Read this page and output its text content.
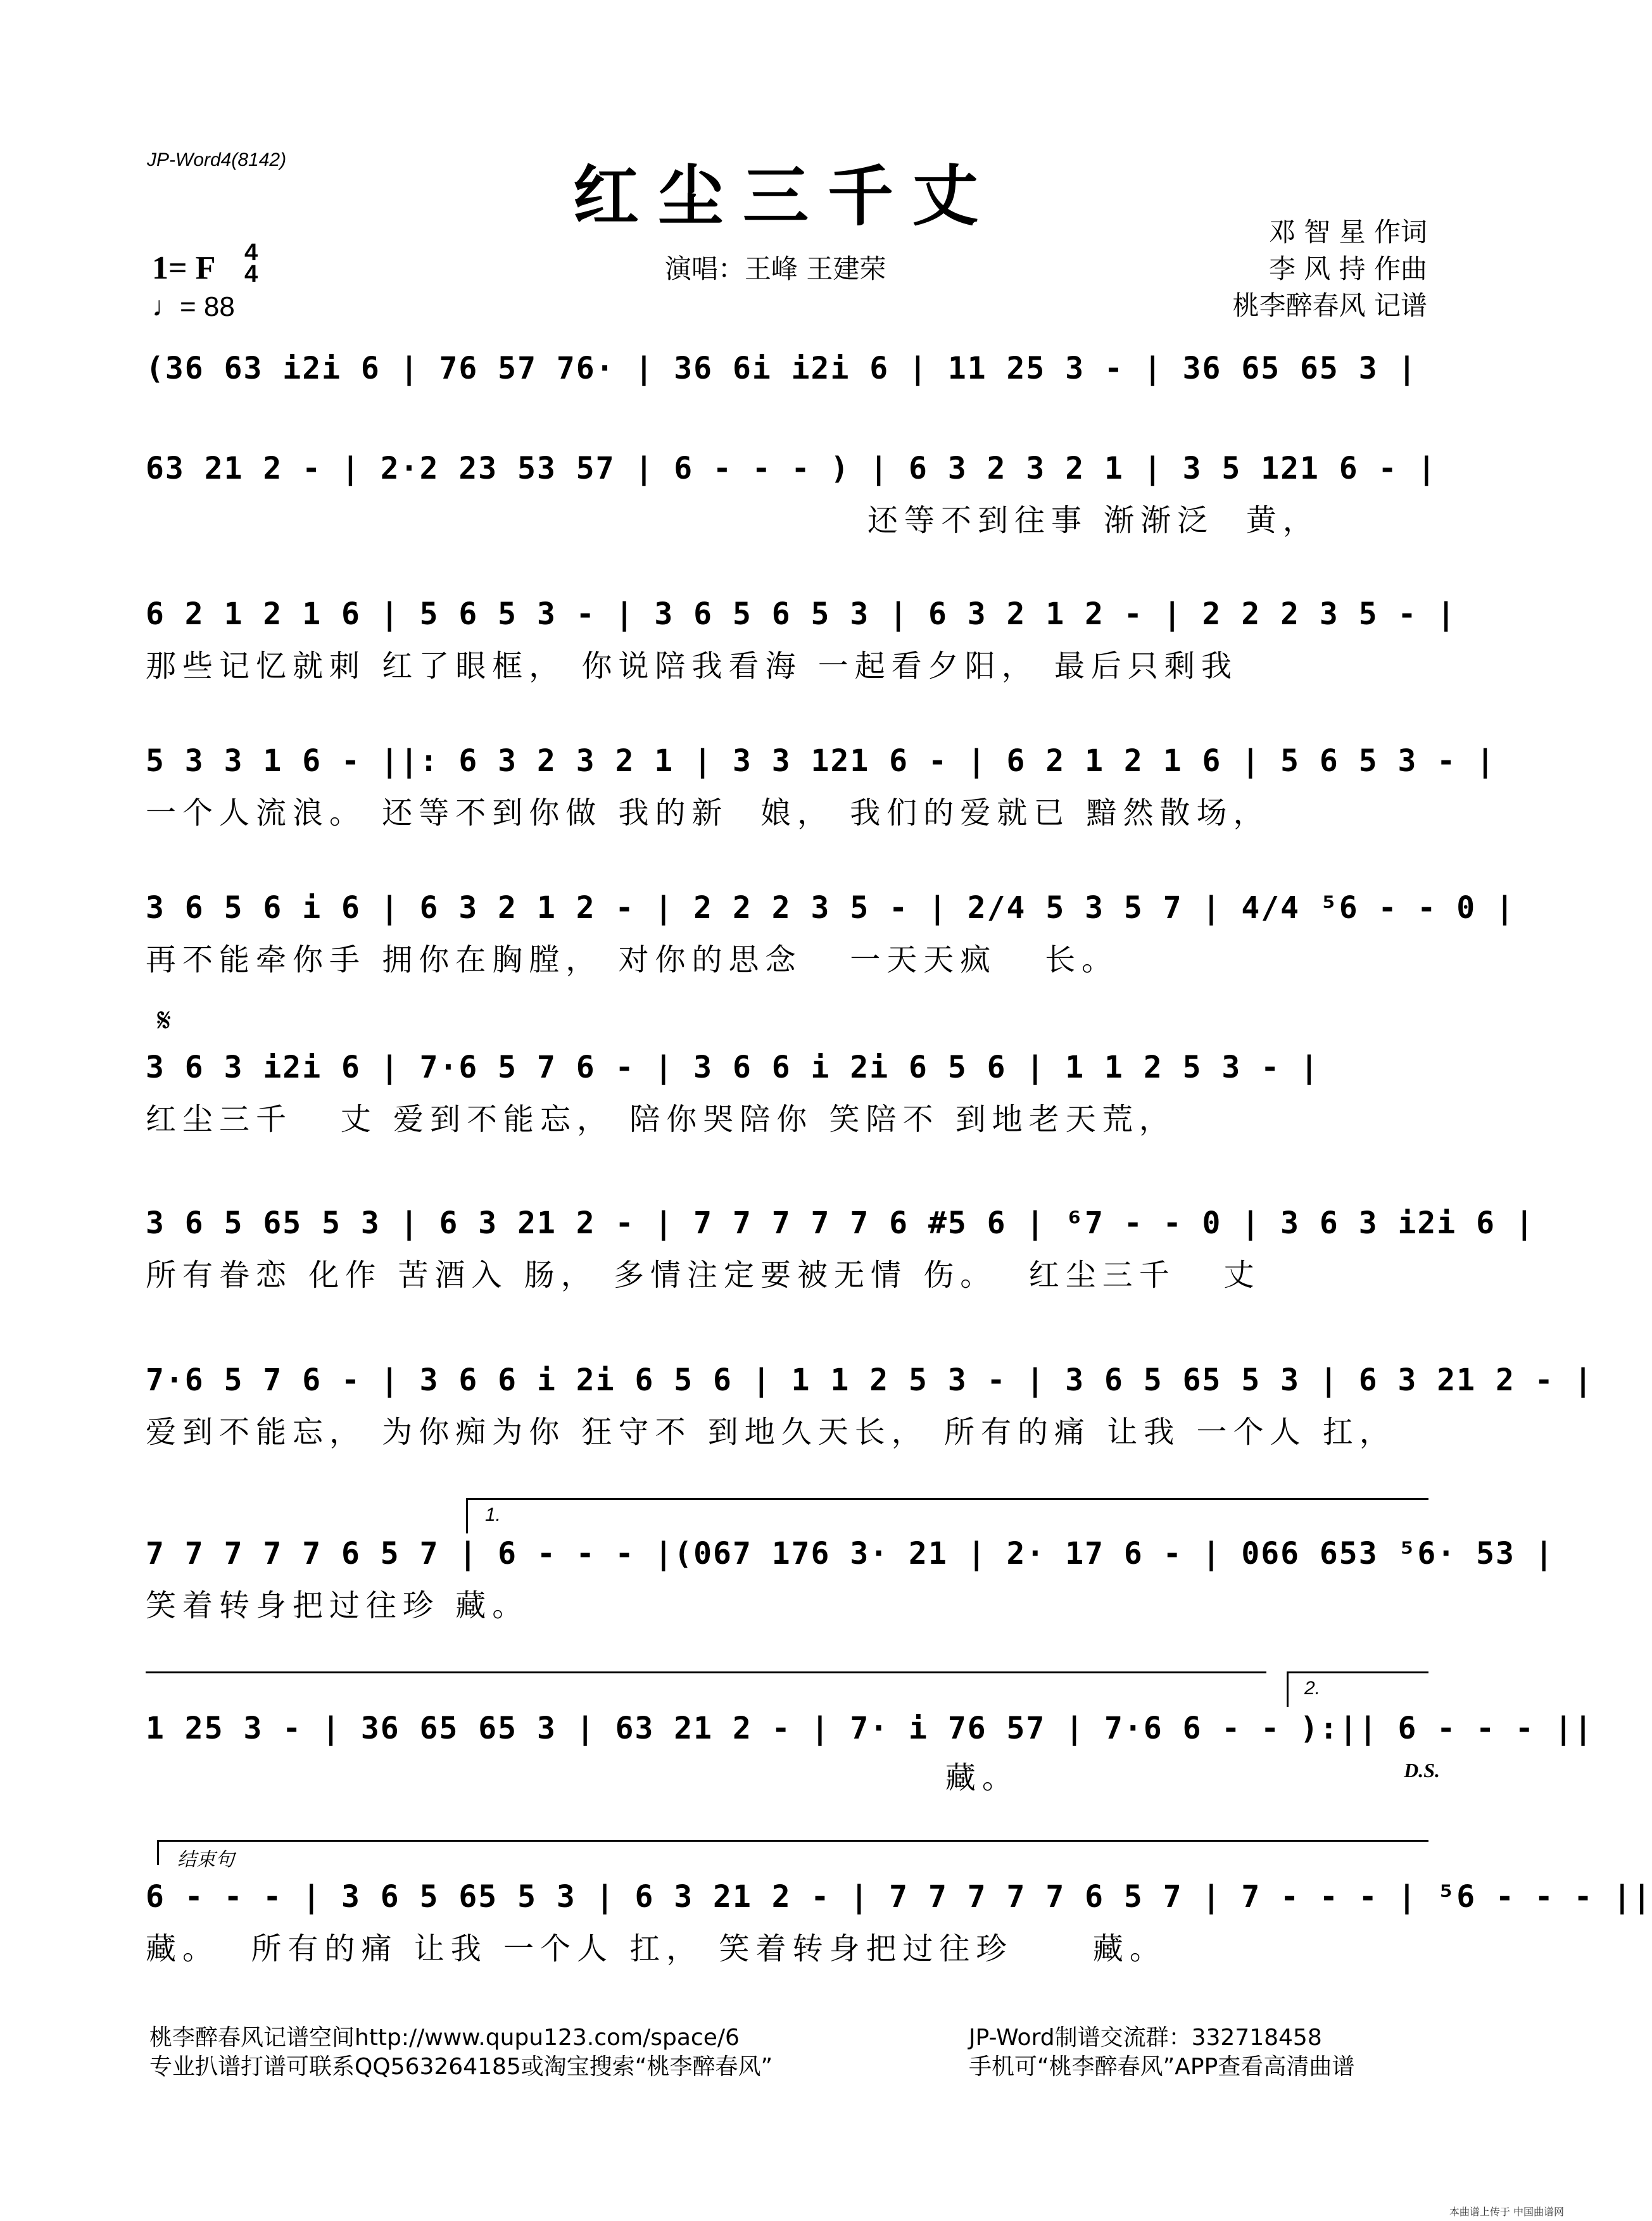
JP-Word4(8142)	红尘三千丈
演唱：王峰 王建荣
邓 智 星 作词
李 风 持 作曲
桃李醉春风 记谱
1= F 4
4
♩= 88
(36 63 i2i 6 | 76 57 76· | 36 6i i2i 6 | 11 25 3 - | 36 65 65 3 |
63 21 2 - | 2·2 23 53 57 | 6 - - - ) | 6 3 2 3 2 1 | 3 5 121 6 - |
还等不到往事 渐渐泛  黄，
6 2 1 2 1 6 | 5 6 5 3 - | 3 6 5 6 5 3 | 6 3 2 1 2 - | 2 2 2 3 5 - |
那些记忆就刺 红了眼框， 你说陪我看海 一起看夕阳， 最后只剩我
5 3 3 1 6 - ||: 6 3 2 3 2 1 | 3 3 121 6 - | 6 2 1 2 1 6 | 5 6 5 3 - |
一个人流浪。 还等不到你做 我的新  娘， 我们的爱就已 黯然散场，
3 6 5 6 i 6 | 6 3 2 1 2 - | 2 2 2 3 5 - | 2/4 5 3 5 7 | 4/4 ⁵6 - - 0 |
再不能牵你手 拥你在胸膛， 对你的思念   一天天疯   长。
𝄋
3 6 3 i2i 6 | 7·6 5 7 6 - | 3 6 6 i 2i 6 5 6 | 1 1 2 5 3 - |
红尘三千   丈 爱到不能忘， 陪你哭陪你 笑陪不 到地老天荒，
3 6 5 65 5 3 | 6 3 21 2 - | 7 7 7 7 7 6 #5 6 | ⁶7 - - 0 | 3 6 3 i2i 6 |
所有眷恋 化作 苦酒入 肠， 多情注定要被无情 伤。  红尘三千   丈
7·6 5 7 6 - | 3 6 6 i 2i 6 5 6 | 1 1 2 5 3 - | 3 6 5 65 5 3 | 6 3 21 2 - |
爱到不能忘， 为你痴为你 狂守不 到地久天长， 所有的痛 让我 一个人 扛，
1.
7 7 7 7 7 6 5 7 | 6 - - - |(067 176 3· 21 | 2· 17 6 - | 066 653 ⁵6· 53 |
笑着转身把过往珍 藏。
2.
1 25 3 - | 36 65 65 3 | 63 21 2 - | 7· i 76 57 | 7·6 6 - - ):|| 6 - - - ||
藏。	D.S.
结束句
6 - - - | 3 6 5 65 5 3 | 6 3 21 2 - | 7 7 7 7 7 6 5 7 | 7 - - - | ⁵6 - - - ||
藏。  所有的痛 让我 一个人 扛， 笑着转身把过往珍     藏。
桃李醉春风记谱空间http://www.qupu123.com/space/6
专业扒谱打谱可联系QQ563264185或淘宝搜索“桃李醉春风”
JP-Word制谱交流群：332718458
手机可“桃李醉春风”APP查看高清曲谱
本曲谱上传于 中国曲谱网
